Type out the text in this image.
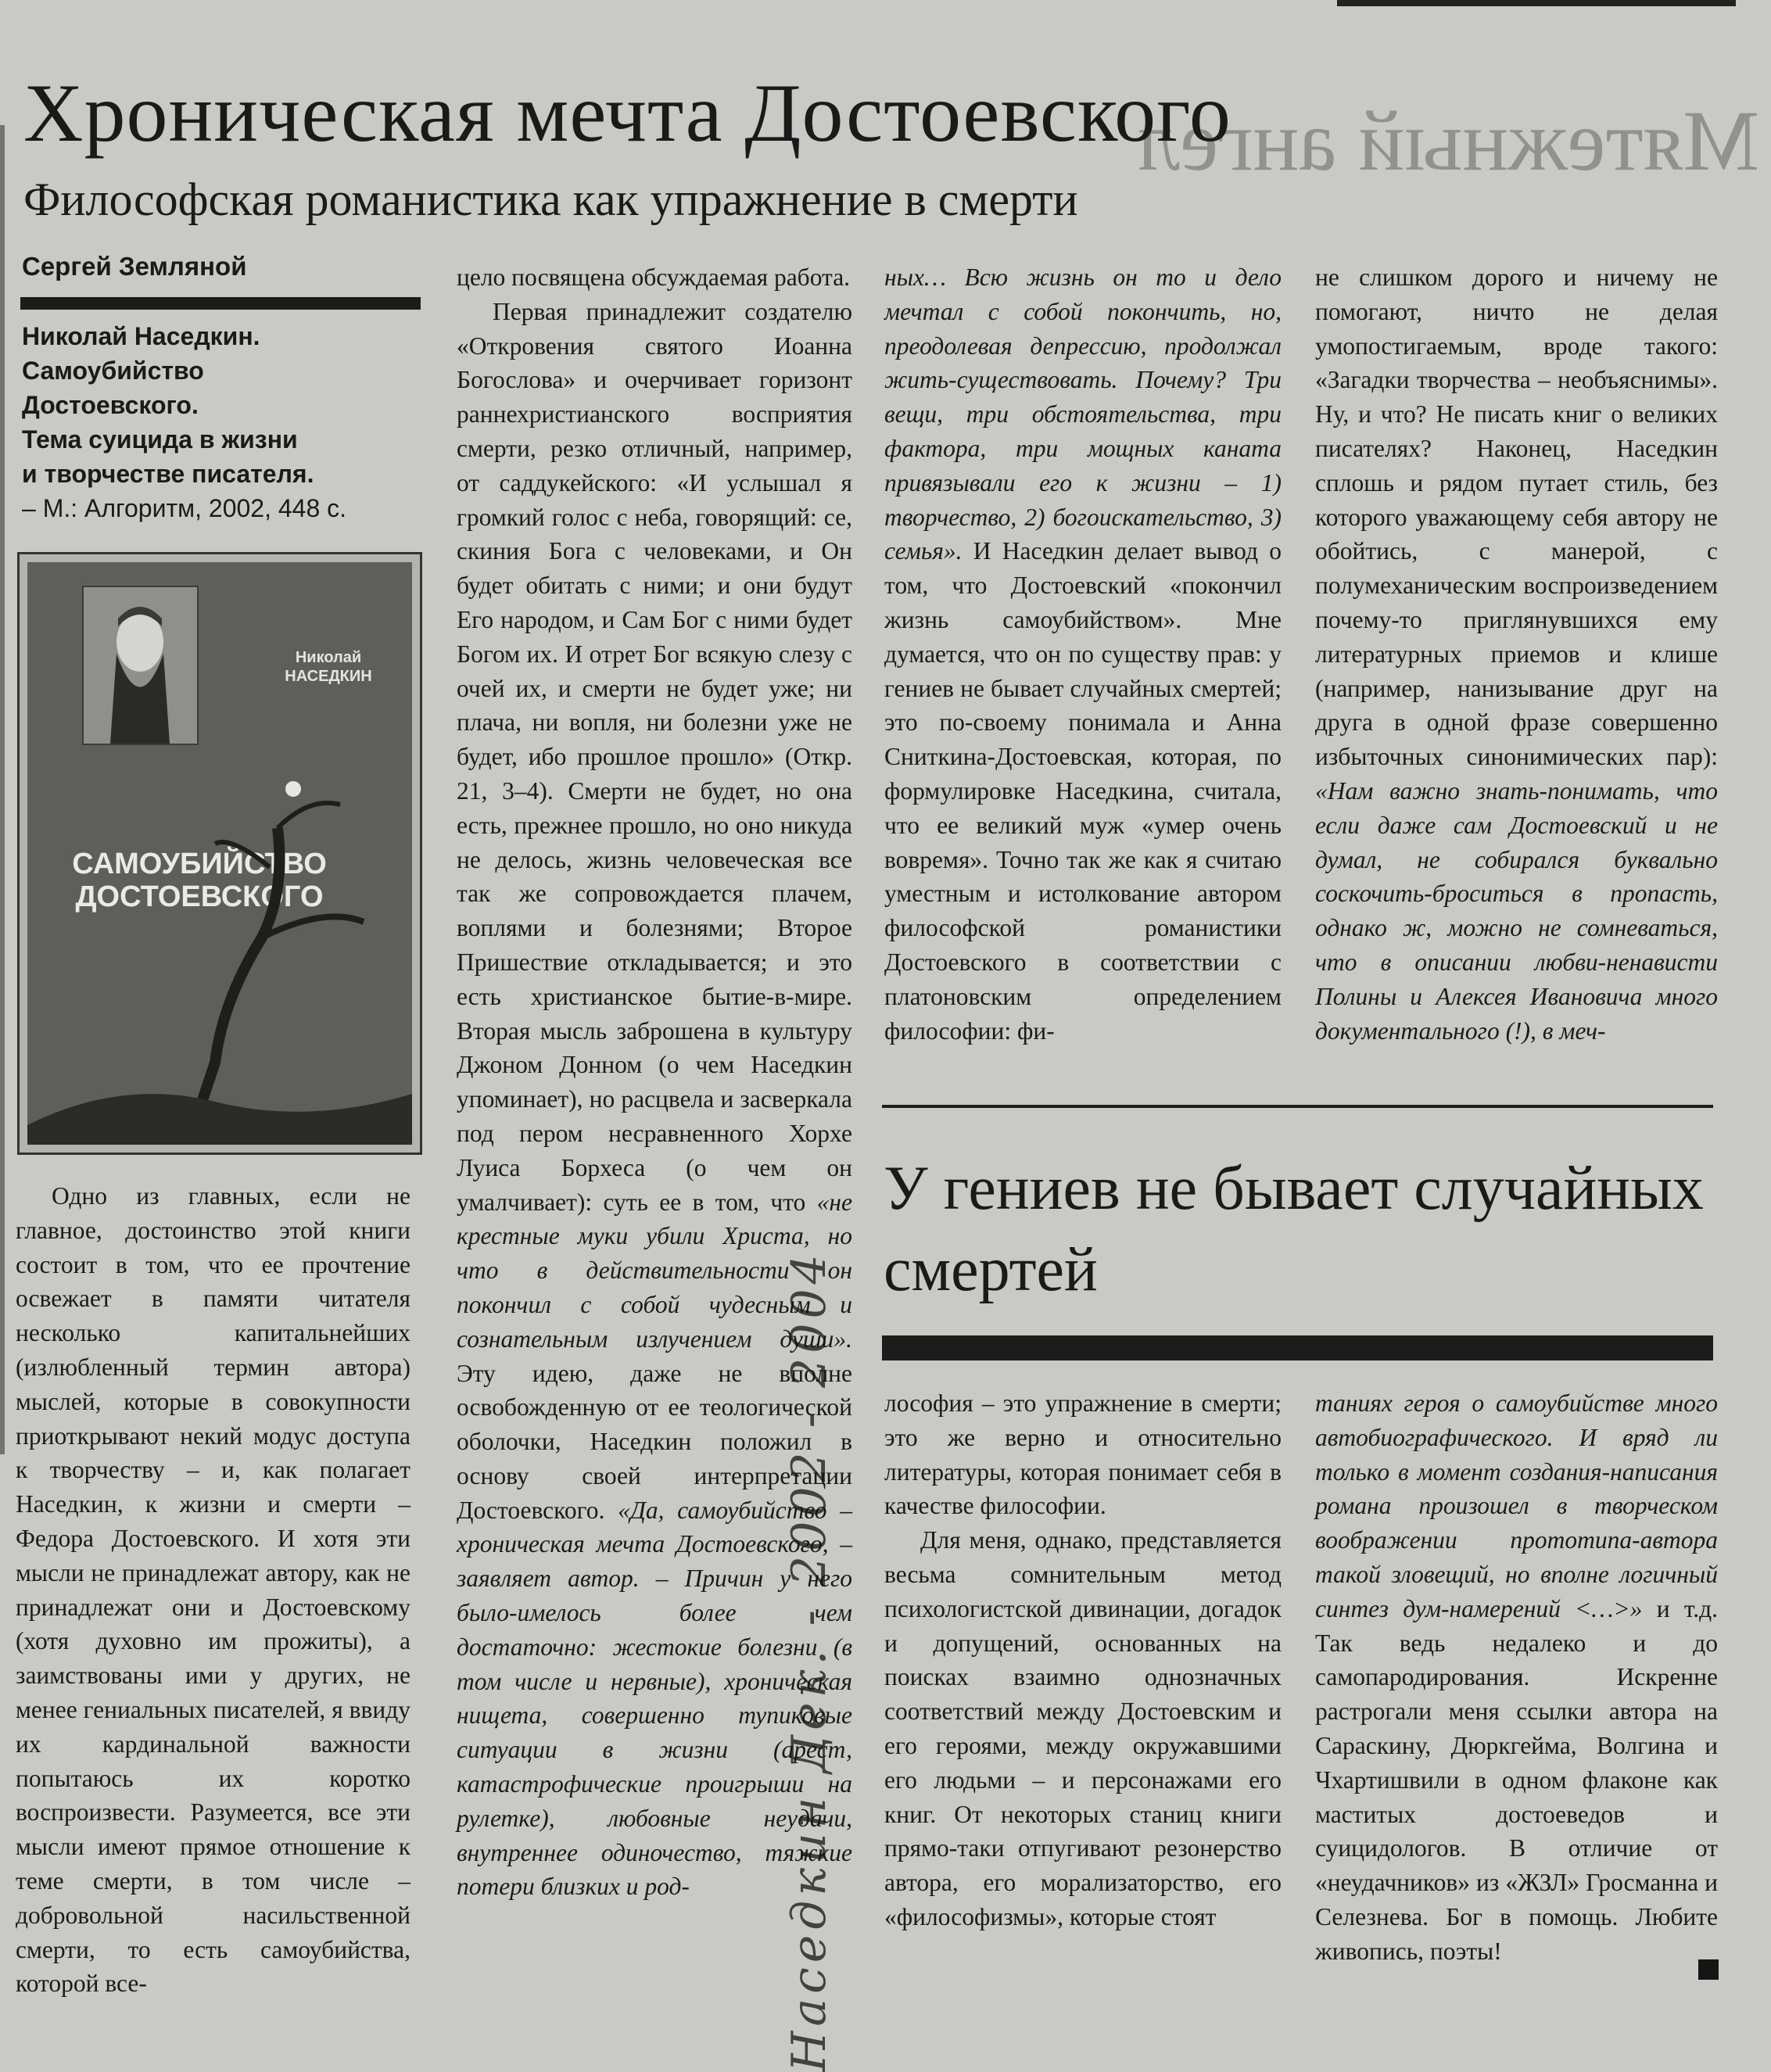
Мятежный ангел
Хроническая мечта Достоевского
Философская романистика как упражнение в смерти
Сергей Земляной
Николай Наседкин.
Самоубийство
Достоевского.
Тема суицида в жизни
и творчестве писателя.
– М.: Алгоритм, 2002, 448 с.
Николай НАСЕДКИН
САМОУБИЙСТВО ДОСТОЕВСКОГО

Одно из главных, если не главное, достоинство этой книги состоит в том, что ее прочтение освежает в памяти читателя несколько капитальнейших (излюбленный термин автора) мыслей, которые в совокупности приоткрывают некий модус доступа к творчеству – и, как полагает Наседкин, к жизни и смерти – Федора Достоевского. И хотя эти мысли не принадлежат автору, как не принадлежат они и Достоевскому (хотя духовно им прожиты), а заимствованы ими у других, не менее гениальных писателей, я ввиду их кардинальной важности попытаюсь их коротко воспроизвести. Разумеется, все эти мысли имеют прямое отношение к теме смерти, в том числе – добровольной насильственной смерти, то есть самоубийства, которой все-

цело посвящена обсуждаемая работа.

Первая принадлежит создателю «Откровения святого Иоанна Богослова» и очерчивает горизонт раннехристианского восприятия смерти, резко отличный, например, от саддукейского: «И услышал я громкий голос с неба, говорящий: се, скиния Бога с человеками, и Он будет обитать с ними; и они будут Его народом, и Сам Бог с ними будет Богом их. И отрет Бог всякую слезу с очей их, и смерти не будет уже; ни плача, ни вопля, ни болезни уже не будет, ибо прошлое прошло» (Откр. 21, 3–4). Смерти не будет, но она есть, прежнее прошло, но оно никуда не делось, жизнь человеческая все так же сопровождается плачем, воплями и болезнями; Второе Пришествие откладывается; и это есть христианское бытие-в-мире. Вторая мысль заброшена в культуру Джоном Донном (о чем Наседкин упоминает), но расцвела и засверкала под пером несравненного Хорхе Луиса Борхеса (о чем он умалчивает): суть ее в том, что «не крестные муки убили Христа, но что в действительности он покончил с собой чудесным и сознательным излучением души». Эту идею, даже не вполне освобожденную от ее теологической оболочки, Наседкин положил в основу своей интерпретации Достоевского. «Да, самоубийство – хроническая мечта Достоевского, – заявляет автор. – Причин у него было-имелось более чем достаточно: жестокие болезни (в том числе и нервные), хроническая нищета, совершенно тупиковые ситуации в жизни (арест, катастрофические проигрыши на рулетке), любовные неудачи, внутреннее одиночество, тяжкие потери близких и род-

ных… Всю жизнь он то и дело мечтал с собой покончить, но, преодолевая депрессию, продолжал жить-существовать. Почему? Три вещи, три обстоятельства, три фактора, три мощных каната привязывали его к жизни – 1) творчество, 2) богоискательство, 3) семья». И Наседкин делает вывод о том, что Достоевский «покончил жизнь самоубийством». Мне думается, что он по существу прав: у гениев не бывает случайных смертей; это по-своему понимала и Анна Сниткина-Достоевская, которая, по формулировке Наседкина, считала, что ее великий муж «умер очень вовремя». Точно так же как я считаю уместным и истолкование автором философской романистики Достоевского в соответствии с платоновским определением философии: фи-

не слишком дорого и ничему не помогают, ничто не делая умопостигаемым, вроде такого: «Загадки творчества – необъяснимы». Ну, и что? Не писать книг о великих писателях? Наконец, Наседкин сплошь и рядом путает стиль, без которого уважающему себя автору не обойтись, с манерой, с полумеханическим воспроизведением почему-то приглянувшихся ему литературных приемов и клише (например, нанизывание друг на друга в одной фразе совершенно избыточных синонимических пар): «Нам важно знать-понимать, что если даже сам Достоевский и не думал, не собирался буквально соскочить-броситься в пропасть, однако ж, можно не сомневаться, что в описании любви-ненависти Полины и Алексея Ивановича много документального (!), в меч-

У гениев не бывает случайных смертей

лософия – это упражнение в смерти; это же верно и относительно литературы, которая понимает себя в качестве философии.

Для меня, однако, представляется весьма сомнительным метод психологистской дивинации, догадок и допущений, основанных на поисках взаимно однозначных соответствий между Достоевским и его героями, между окружавшими его людьми – и персонажами его книг. От некоторых станиц книги прямо-таки отпугивают резонерство автора, его морализаторство, его «философизмы», которые стоят

таниях героя о самоубийстве много автобиографического. И вряд ли только в момент создания-написания романа произошел в творческом воображении прототипа-автора такой зловещий, но вполне логичный синтез дум-намерений <…>» и т.д. Так ведь недалеко и до самопародирования. Искренне растрогали меня ссылки автора на Сараскину, Дюркгейма, Волгина и Чхартишвили в одном флаконе как маститых достоеведов и суицидологов. В отличие от «неудачников» из «ЖЗЛ» Гросманна и Селезнева. Бог в помощь. Любите живопись, поэты!

Наседкин Дек. - 2002 - 2004
